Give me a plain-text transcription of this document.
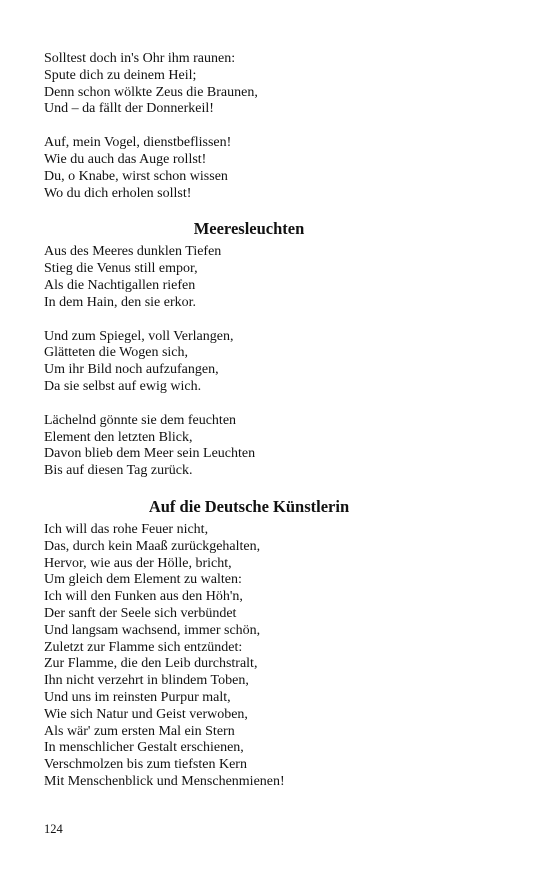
Solltest doch in's Ohr ihm raunen:
Spute dich zu deinem Heil;
Denn schon wölkte Zeus die Braunen,
Und – da fällt der Donnerkeil!
Auf, mein Vogel, dienstbeflissen!
Wie du auch das Auge rollst!
Du, o Knabe, wirst schon wissen
Wo du dich erholen sollst!
Meeresleuchten
Aus des Meeres dunklen Tiefen
Stieg die Venus still empor,
Als die Nachtigallen riefen
In dem Hain, den sie erkor.
Und zum Spiegel, voll Verlangen,
Glätteten die Wogen sich,
Um ihr Bild noch aufzufangen,
Da sie selbst auf ewig wich.
Lächelnd gönnte sie dem feuchten
Element den letzten Blick,
Davon blieb dem Meer sein Leuchten
Bis auf diesen Tag zurück.
Auf die Deutsche Künstlerin
Ich will das rohe Feuer nicht,
Das, durch kein Maaß zurückgehalten,
Hervor, wie aus der Hölle, bricht,
Um gleich dem Element zu walten:
Ich will den Funken aus den Höh'n,
Der sanft der Seele sich verbündet
Und langsam wachsend, immer schön,
Zuletzt zur Flamme sich entzündet:
Zur Flamme, die den Leib durchstralt,
Ihn nicht verzehrt in blindem Toben,
Und uns im reinsten Purpur malt,
Wie sich Natur und Geist verwoben,
Als wär' zum ersten Mal ein Stern
In menschlicher Gestalt erschienen,
Verschmolzen bis zum tiefsten Kern
Mit Menschenblick und Menschenmienen!
124
